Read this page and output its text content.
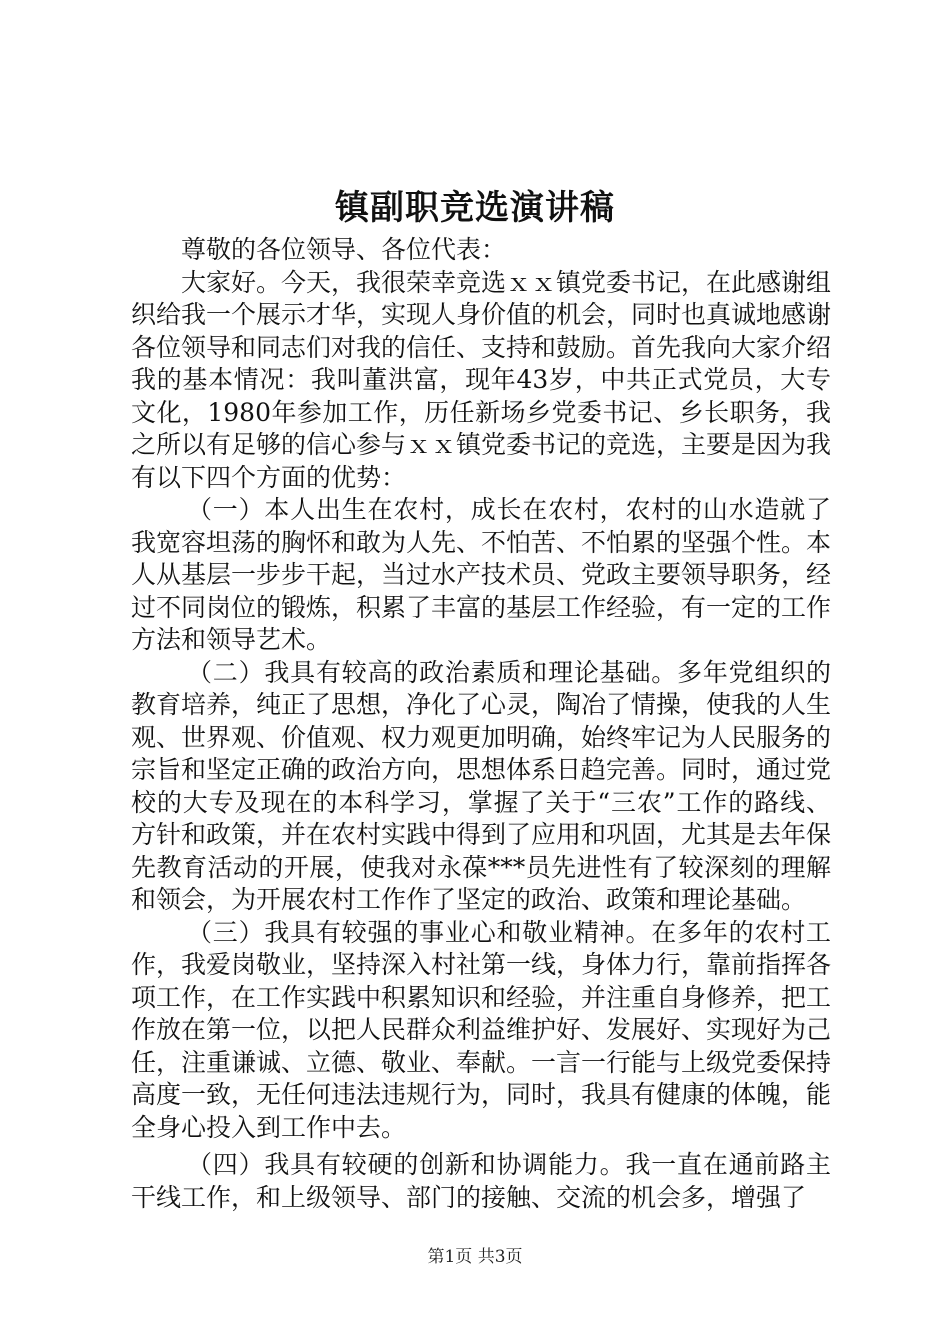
镇副职竞选演讲稿

尊敬的各位领导、各位代表：

大家好。今天，我很荣幸竞选ｘｘ镇党委书记，在此感谢组织给我一个展示才华，实现人身价值的机会，同时也真诚地感谢各位领导和同志们对我的信任、支持和鼓励。首先我向大家介绍我的基本情况：我叫董洪富，现年43岁，中共正式党员，大专文化，1980年参加工作，历任新场乡党委书记、乡长职务，我之所以有足够的信心参与ｘｘ镇党委书记的竞选，主要是因为我有以下四个方面的优势：

（一）本人出生在农村，成长在农村，农村的山水造就了我宽容坦荡的胸怀和敢为人先、不怕苦、不怕累的坚强个性。本人从基层一步步干起，当过水产技术员、党政主要领导职务，经过不同岗位的锻炼，积累了丰富的基层工作经验，有一定的工作方法和领导艺术。

（二）我具有较高的政治素质和理论基础。多年党组织的教育培养，纯正了思想，净化了心灵，陶冶了情操，使我的人生观、世界观、价值观、权力观更加明确，始终牢记为人民服务的宗旨和坚定正确的政治方向，思想体系日趋完善。同时，通过党校的大专及现在的本科学习，掌握了关于“三农”工作的路线、方针和政策，并在农村实践中得到了应用和巩固，尤其是去年保先教育活动的开展，使我对永葆***员先进性有了较深刻的理解和领会，为开展农村工作作了坚定的政治、政策和理论基础。

（三）我具有较强的事业心和敬业精神。在多年的农村工作，我爱岗敬业，坚持深入村社第一线，身体力行，靠前指挥各项工作，在工作实践中积累知识和经验，并注重自身修养，把工作放在第一位，以把人民群众利益维护好、发展好、实现好为己任，注重谦诚、立德、敬业、奉献。一言一行能与上级党委保持高度一致，无任何违法违规行为，同时，我具有健康的体魄，能全身心投入到工作中去。

（四）我具有较硬的创新和协调能力。我一直在通前路主干线工作，和上级领导、部门的接触、交流的机会多，增强了

第1页 共3页
